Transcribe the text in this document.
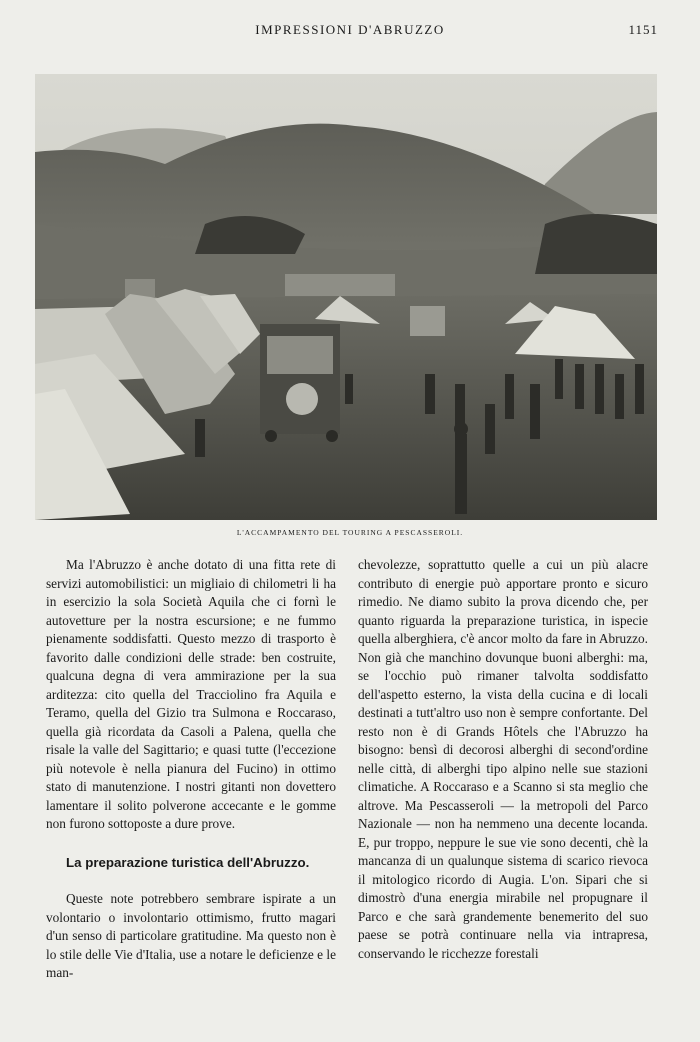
IMPRESSIONI D'ABRUZZO	1151
L'ACCAMPAMENTO DEL TOURING A PESCASSEROLI.

Ma l'Abruzzo è anche dotato di una fitta rete di servizi automobilistici: un migliaio di chilometri li ha in esercizio la sola Società Aquila che ci fornì le autovetture per la nostra escursione; e ne fummo pienamente soddisfatti. Questo mezzo di trasporto è favorito dalle condizioni delle strade: ben costruite, qualcuna degna di vera ammirazione per la sua arditezza: cito quella del Tracciolino fra Aquila e Teramo, quella del Gizio tra Sulmona e Roccaraso, quella già ricordata da Casoli a Palena, quella che risale la valle del Sagittario; e quasi tutte (l'eccezione più notevole è nella pianura del Fucino) in ottimo stato di manutenzione. I nostri gitanti non dovettero lamentare il solito polverone accecante e le gomme non furono sottoposte a dure prove.

La preparazione turistica dell'Abruzzo.

Queste note potrebbero sembrare ispirate a un volontario o involontario ottimismo, frutto magari d'un senso di particolare gratitudine. Ma questo non è lo stile delle Vie d'Italia, use a notare le deficienze e le man-

chevolezze, soprattutto quelle a cui un più alacre contributo di energie può apportare pronto e sicuro rimedio. Ne diamo subito la prova dicendo che, per quanto riguarda la preparazione turistica, in ispecie quella alberghiera, c'è ancor molto da fare in Abruzzo. Non già che manchino dovunque buoni alberghi: ma, se l'occhio può rimaner talvolta soddisfatto dell'aspetto esterno, la vista della cucina e di locali destinati a tutt'altro uso non è sempre confortante. Del resto non è di Grands Hôtels che l'Abruzzo ha bisogno: bensì di decorosi alberghi di second'ordine nelle città, di alberghi tipo alpino nelle sue stazioni climatiche. A Roccaraso e a Scanno si sta meglio che altrove. Ma Pescasseroli — la metropoli del Parco Nazionale — non ha nemmeno una decente locanda. E, pur troppo, neppure le sue vie sono decenti, chè la mancanza di un qualunque sistema di scarico rievoca il mitologico ricordo di Augia. L'on. Sipari che si dimostrò d'una energia mirabile nel propugnare il Parco e che sarà grandemente benemerito del suo paese se potrà continuare nella via intrapresa, conservando le ricchezze forestali
